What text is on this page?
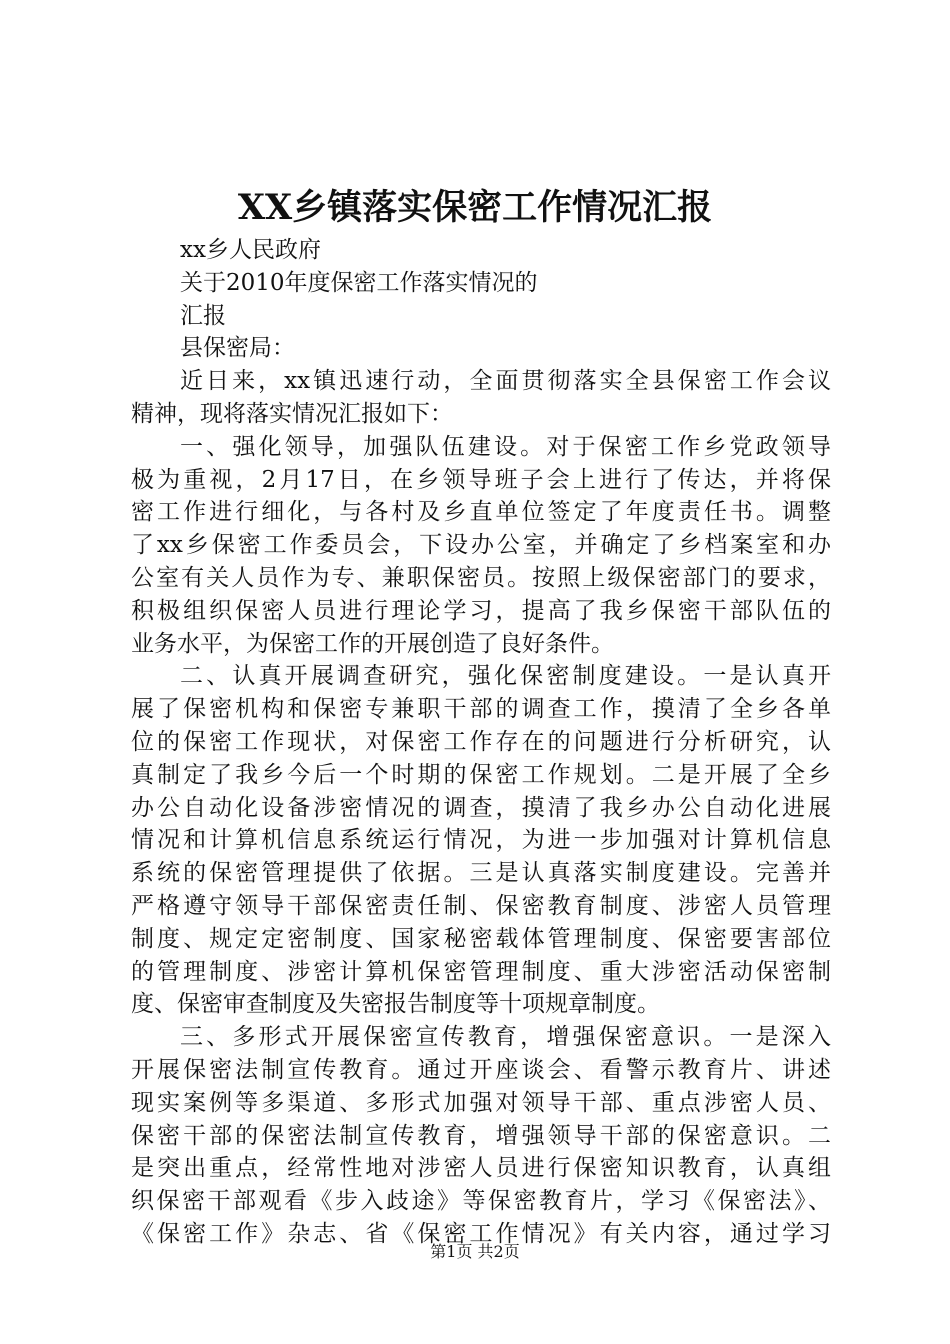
XX乡镇落实保密工作情况汇报
xx乡人民政府
关于2010年度保密工作落实情况的
汇报
县保密局：
近日来，xx镇迅速行动，全面贯彻落实全县保密工作会议
精神，现将落实情况汇报如下：
一、强化领导，加强队伍建设。对于保密工作乡党政领导
极为重视，2月17日，在乡领导班子会上进行了传达，并将保
密工作进行细化，与各村及乡直单位签定了年度责任书。调整
了xx乡保密工作委员会，下设办公室，并确定了乡档案室和办
公室有关人员作为专、兼职保密员。按照上级保密部门的要求，
积极组织保密人员进行理论学习，提高了我乡保密干部队伍的
业务水平，为保密工作的开展创造了良好条件。
二、认真开展调查研究，强化保密制度建设。一是认真开
展了保密机构和保密专兼职干部的调查工作，摸清了全乡各单
位的保密工作现状，对保密工作存在的问题进行分析研究，认
真制定了我乡今后一个时期的保密工作规划。二是开展了全乡
办公自动化设备涉密情况的调查，摸清了我乡办公自动化进展
情况和计算机信息系统运行情况，为进一步加强对计算机信息
系统的保密管理提供了依据。三是认真落实制度建设。完善并
严格遵守领导干部保密责任制、保密教育制度、涉密人员管理
制度、规定定密制度、国家秘密载体管理制度、保密要害部位
的管理制度、涉密计算机保密管理制度、重大涉密活动保密制
度、保密审查制度及失密报告制度等十项规章制度。
三、多形式开展保密宣传教育，增强保密意识。一是深入
开展保密法制宣传教育。通过开座谈会、看警示教育片、讲述
现实案例等多渠道、多形式加强对领导干部、重点涉密人员、
保密干部的保密法制宣传教育，增强领导干部的保密意识。二
是突出重点，经常性地对涉密人员进行保密知识教育，认真组
织保密干部观看《步入歧途》等保密教育片，学习《保密法》、
《保密工作》杂志、省《保密工作情况》有关内容，通过学习
第1页 共2页
